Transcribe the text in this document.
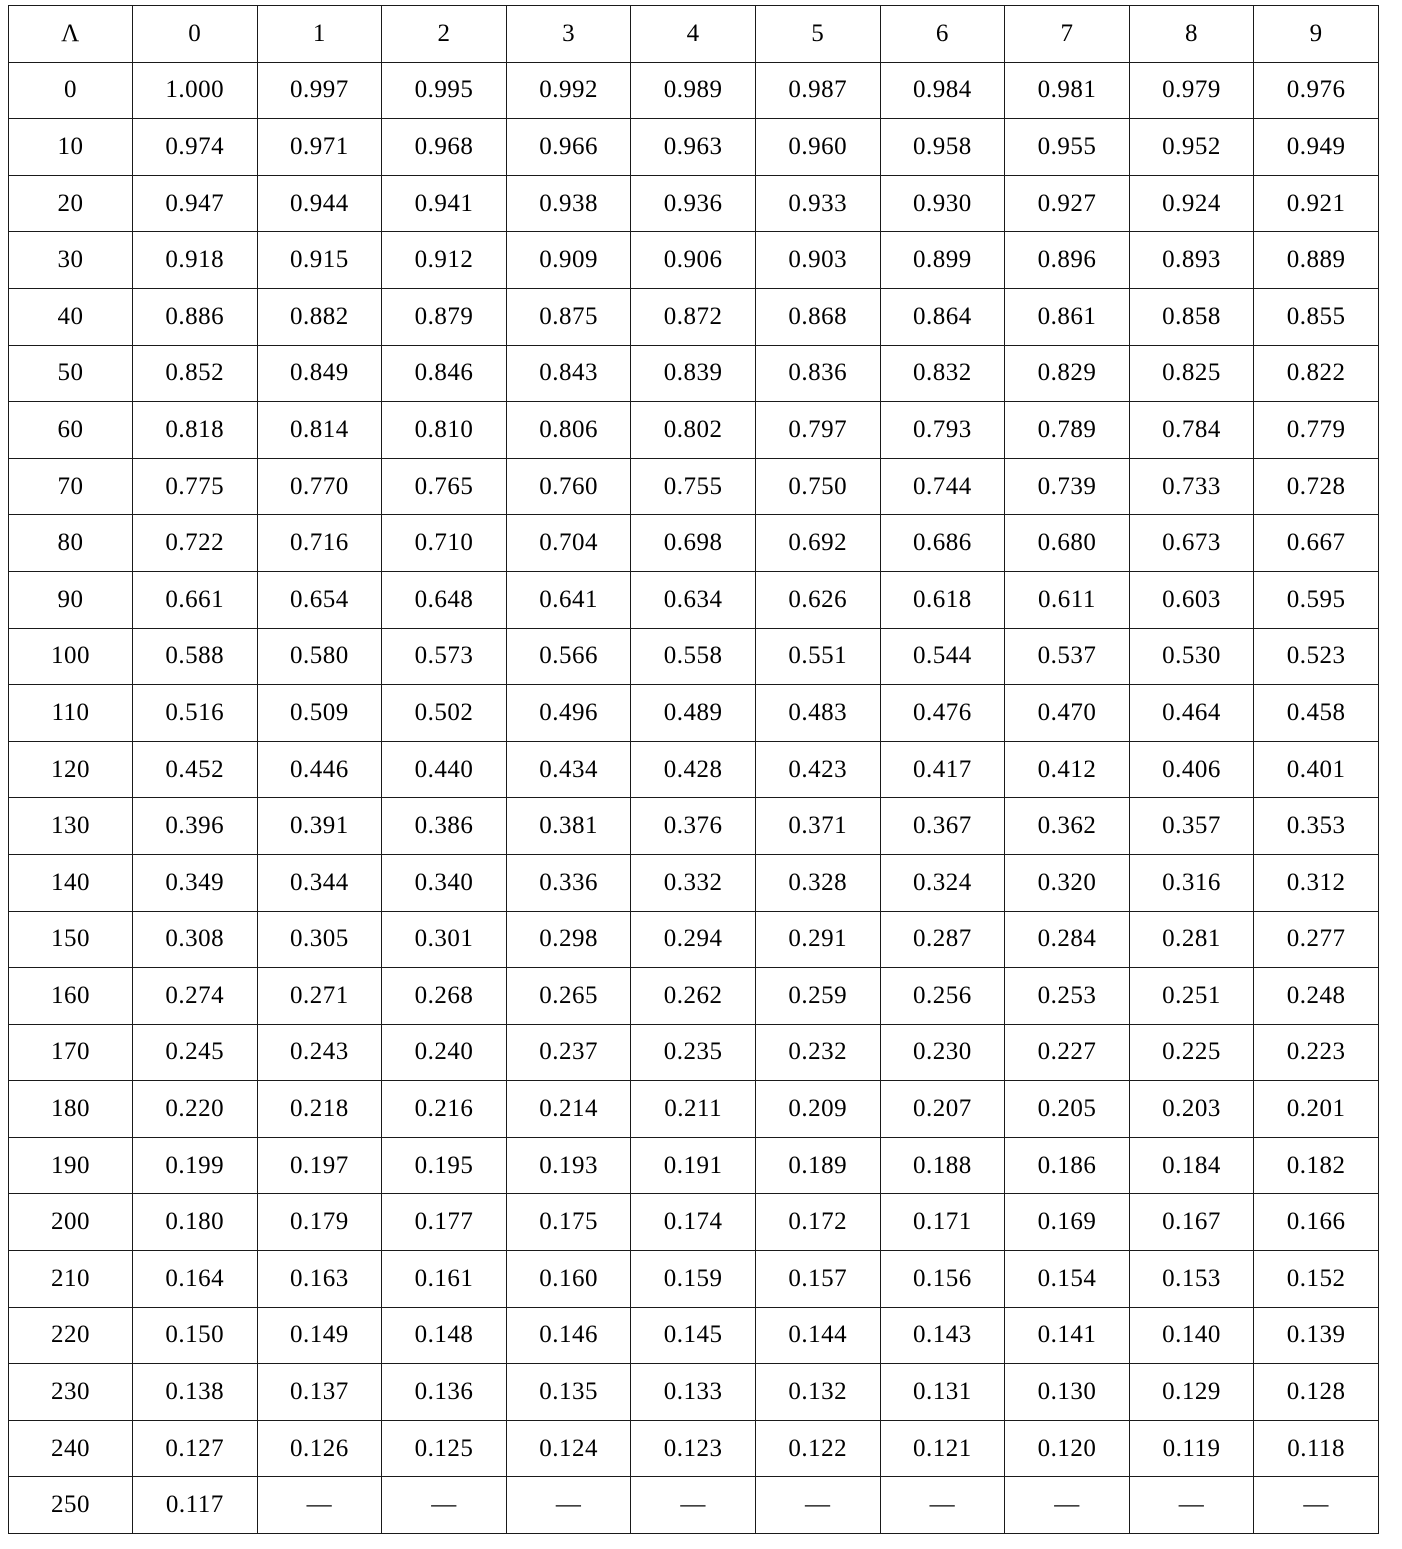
Λ	0	1	2	3	4	5	6	7	8	9
0	1.000	0.997	0.995	0.992	0.989	0.987	0.984	0.981	0.979	0.976
10	0.974	0.971	0.968	0.966	0.963	0.960	0.958	0.955	0.952	0.949
20	0.947	0.944	0.941	0.938	0.936	0.933	0.930	0.927	0.924	0.921
30	0.918	0.915	0.912	0.909	0.906	0.903	0.899	0.896	0.893	0.889
40	0.886	0.882	0.879	0.875	0.872	0.868	0.864	0.861	0.858	0.855
50	0.852	0.849	0.846	0.843	0.839	0.836	0.832	0.829	0.825	0.822
60	0.818	0.814	0.810	0.806	0.802	0.797	0.793	0.789	0.784	0.779
70	0.775	0.770	0.765	0.760	0.755	0.750	0.744	0.739	0.733	0.728
80	0.722	0.716	0.710	0.704	0.698	0.692	0.686	0.680	0.673	0.667
90	0.661	0.654	0.648	0.641	0.634	0.626	0.618	0.611	0.603	0.595
100	0.588	0.580	0.573	0.566	0.558	0.551	0.544	0.537	0.530	0.523
110	0.516	0.509	0.502	0.496	0.489	0.483	0.476	0.470	0.464	0.458
120	0.452	0.446	0.440	0.434	0.428	0.423	0.417	0.412	0.406	0.401
130	0.396	0.391	0.386	0.381	0.376	0.371	0.367	0.362	0.357	0.353
140	0.349	0.344	0.340	0.336	0.332	0.328	0.324	0.320	0.316	0.312
150	0.308	0.305	0.301	0.298	0.294	0.291	0.287	0.284	0.281	0.277
160	0.274	0.271	0.268	0.265	0.262	0.259	0.256	0.253	0.251	0.248
170	0.245	0.243	0.240	0.237	0.235	0.232	0.230	0.227	0.225	0.223
180	0.220	0.218	0.216	0.214	0.211	0.209	0.207	0.205	0.203	0.201
190	0.199	0.197	0.195	0.193	0.191	0.189	0.188	0.186	0.184	0.182
200	0.180	0.179	0.177	0.175	0.174	0.172	0.171	0.169	0.167	0.166
210	0.164	0.163	0.161	0.160	0.159	0.157	0.156	0.154	0.153	0.152
220	0.150	0.149	0.148	0.146	0.145	0.144	0.143	0.141	0.140	0.139
230	0.138	0.137	0.136	0.135	0.133	0.132	0.131	0.130	0.129	0.128
240	0.127	0.126	0.125	0.124	0.123	0.122	0.121	0.120	0.119	0.118
250	0.117	—	—	—	—	—	—	—	—	—
